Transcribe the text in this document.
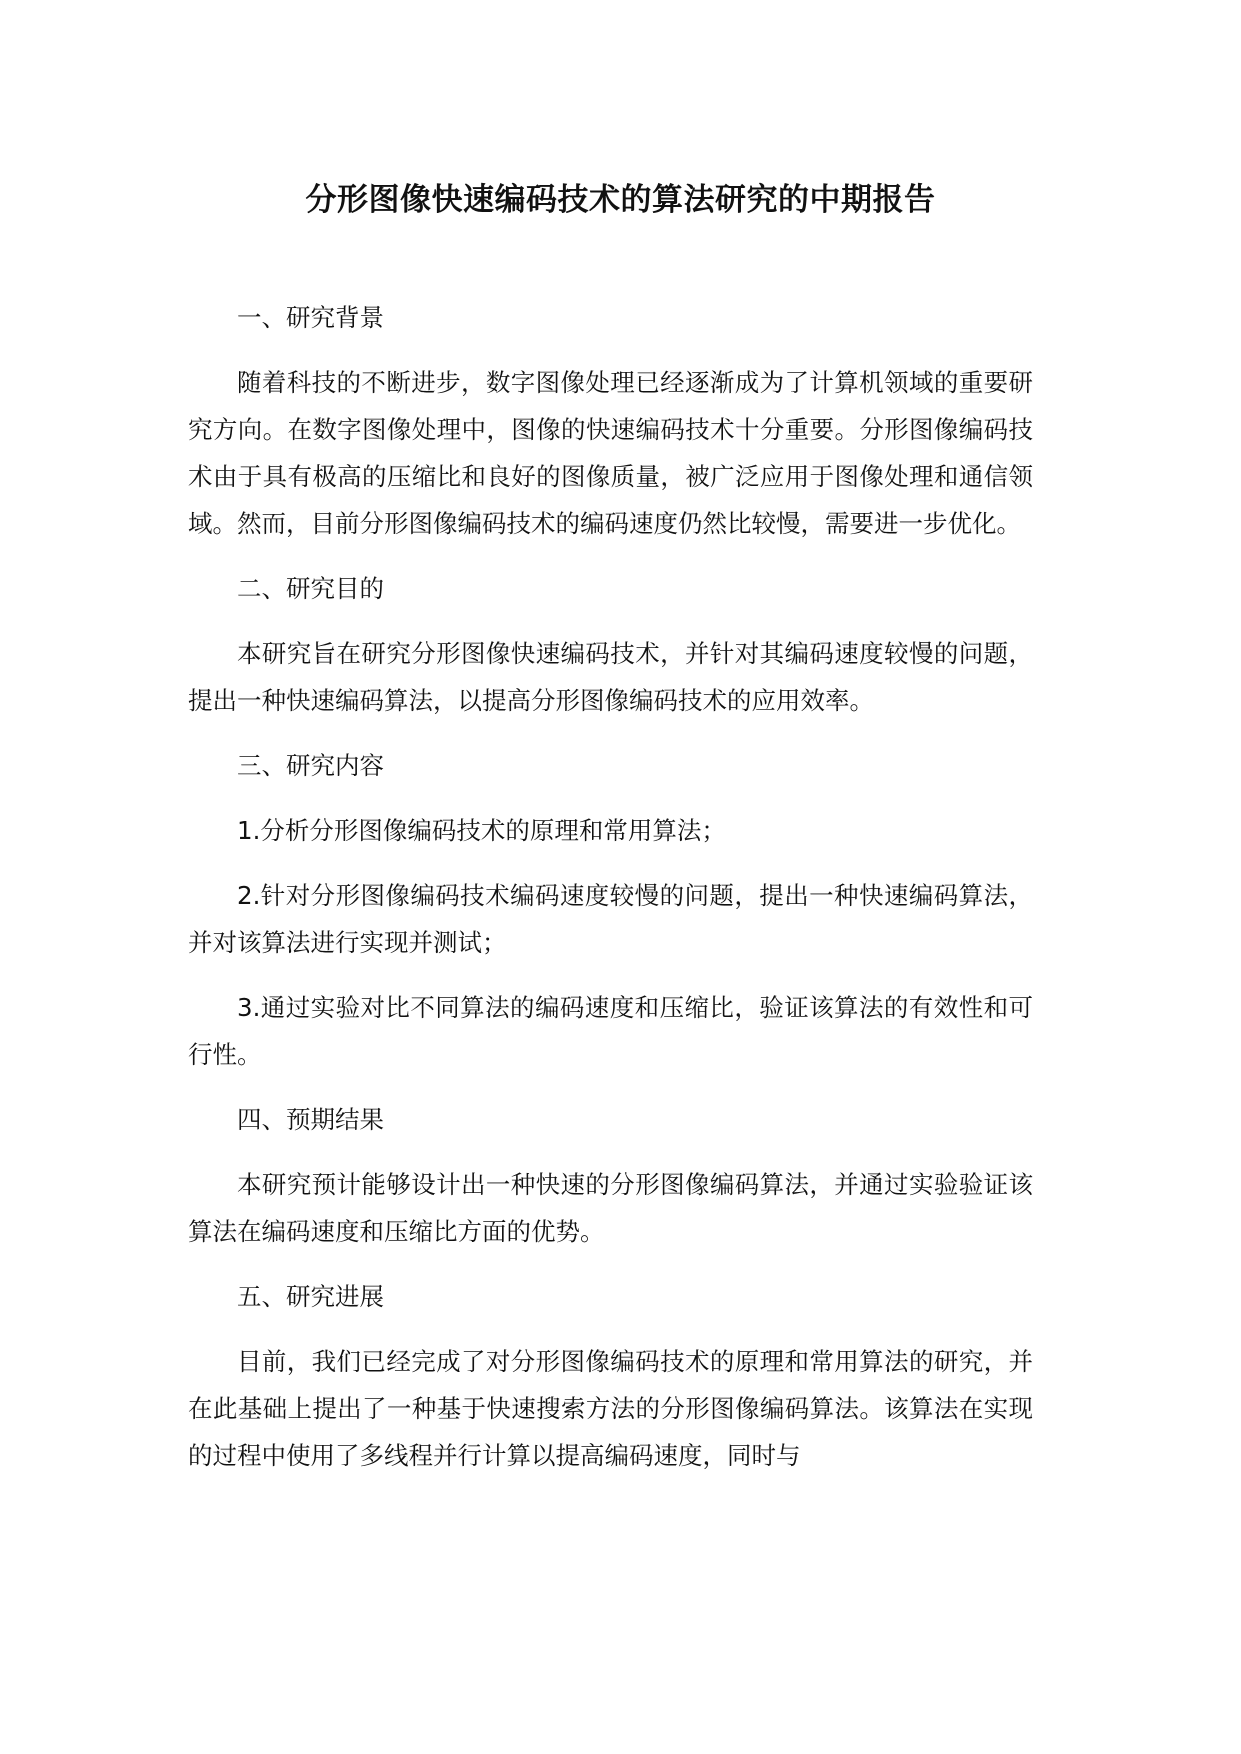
分形图像快速编码技术的算法研究的中期报告

一、研究背景

随着科技的不断进步，数字图像处理已经逐渐成为了计算机领域的重要研究方向。在数字图像处理中，图像的快速编码技术十分重要。分形图像编码技术由于具有极高的压缩比和良好的图像质量，被广泛应用于图像处理和通信领域。然而，目前分形图像编码技术的编码速度仍然比较慢，需要进一步优化。

二、研究目的

本研究旨在研究分形图像快速编码技术，并针对其编码速度较慢的问题，提出一种快速编码算法，以提高分形图像编码技术的应用效率。

三、研究内容

1.分析分形图像编码技术的原理和常用算法；

2.针对分形图像编码技术编码速度较慢的问题，提出一种快速编码算法，并对该算法进行实现并测试；

3.通过实验对比不同算法的编码速度和压缩比，验证该算法的有效性和可行性。

四、预期结果

本研究预计能够设计出一种快速的分形图像编码算法，并通过实验验证该算法在编码速度和压缩比方面的优势。

五、研究进展

目前，我们已经完成了对分形图像编码技术的原理和常用算法的研究，并在此基础上提出了一种基于快速搜索方法的分形图像编码算法。该算法在实现的过程中使用了多线程并行计算以提高编码速度，同时与
